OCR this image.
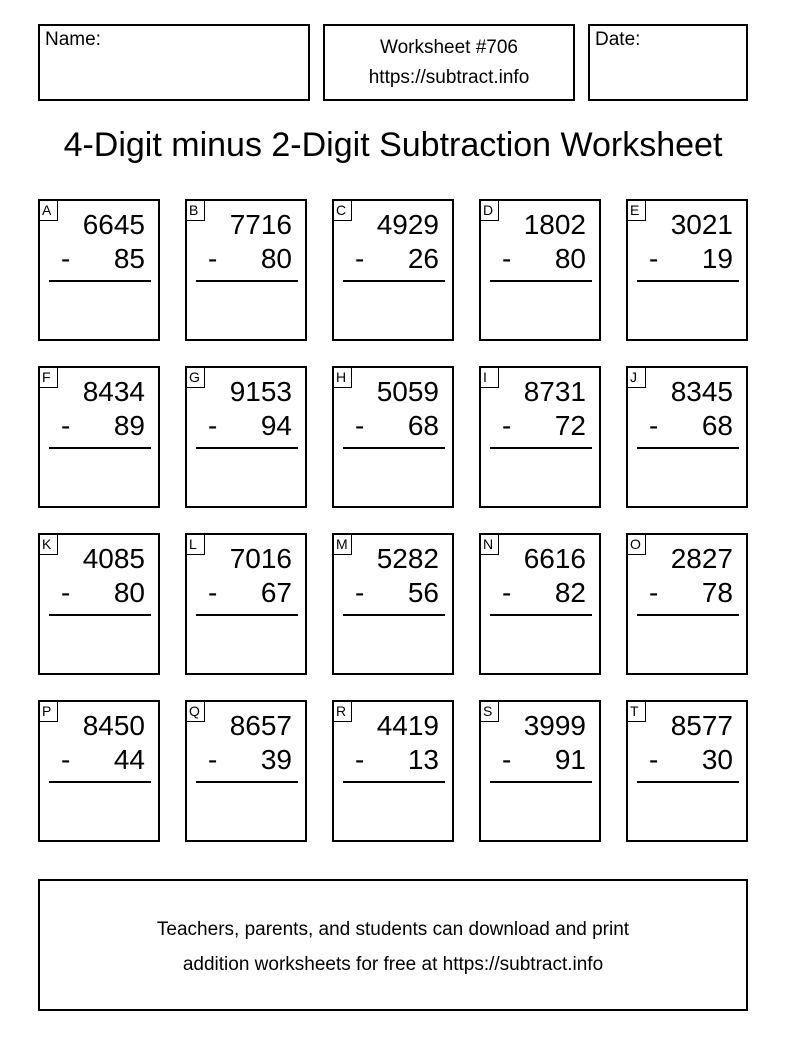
Name:	Worksheet #706
https://subtract.info
Date:
4-Digit minus 2-Digit Subtraction Worksheet
A 6645
- 85
B 7716
- 80
C 4929
- 26
D 1802
- 80
E 3021
- 19
F 8434
- 89
G 9153
- 94
H 5059
- 68
I	8731
- 72
J	8345
- 68
K 4085
- 80
L 7016
- 67
M 5282
- 56
N 6616
- 82
O 2827
- 78
P 8450
- 44
Q 8657
- 39
R 4419
- 13
S 3999
- 91
T 8577
- 30
Teachers, parents, and students can download and print
addition worksheets for free at https://subtract.info
